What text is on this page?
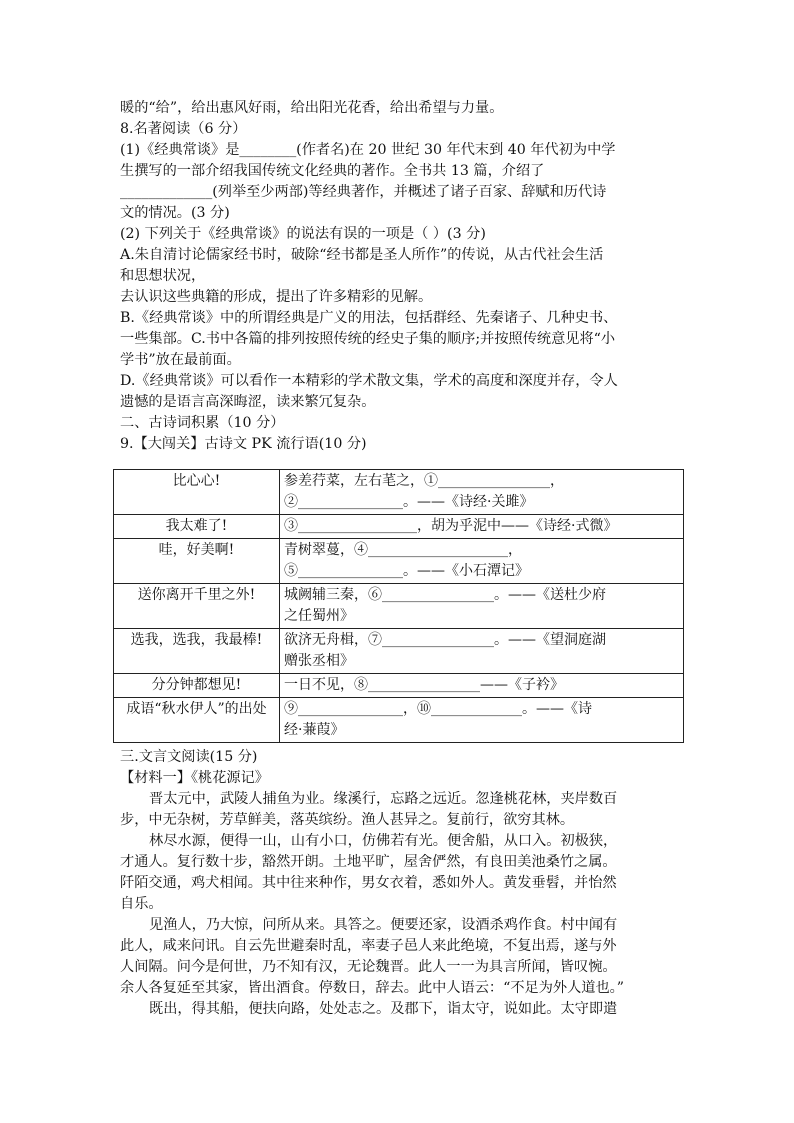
暖的“给”，给出惠风好雨，给出阳光花香，给出希望与力量。
8.名著阅读（6 分）
(1)《经典常谈》是________(作者名)在 20 世纪 30 年代末到 40 年代初为中学
生撰写的一部介绍我国传统文化经典的著作。全书共 13 篇，介绍了
_____________(列举至少两部)等经典著作，并概述了诸子百家、辞赋和历代诗
文的情况。(3 分)
(2) 下列关于《经典常谈》的说法有误的一项是（ ）(3 分)
A.朱自清讨论儒家经书时，破除“经书都是圣人所作”的传说，从古代社会生活
和思想状况，
去认识这些典籍的形成，提出了许多精彩的见解。
B.《经典常谈》中的所谓经典是广义的用法，包括群经、先秦诸子、几种史书、
一些集部。C.书中各篇的排列按照传统的经史子集的顺序;并按照传统意见将“小
学书”放在最前面。
D.《经典常谈》可以看作一本精彩的学术散文集，学术的高度和深度并存，令人
遗憾的是语言高深晦涩，读来繁冗复杂。
二、古诗词积累（10 分）
9.【大闯关】古诗文 PK 流行语(10 分)
比心心!	参差荇菜，左右芼之，①________________，
②_______________。——《诗经·关雎》

我太难了!	③_________________，胡为乎泥中——《诗经·式微》

哇，好美啊!	青树翠蔓，④____________________，
⑤_______________。——《小石潭记》

送你离开千里之外!	城阙辅三秦，⑥________________。——《送杜少府
之任蜀州》

选我，选我，我最棒!	欲济无舟楫，⑦________________。——《望洞庭湖
赠张丞相》

分分钟都想见!	一日不见，⑧________________——《子衿》

成语“秋水伊人”的出处	⑨_______________，⑩_____________。——《诗
经·蒹葭》
三.文言文阅读(15 分)
【材料一】《桃花源记》
晋太元中，武陵人捕鱼为业。缘溪行，忘路之远近。忽逢桃花林，夹岸数百
步，中无杂树，芳草鲜美，落英缤纷。渔人甚异之。复前行，欲穷其林。
林尽水源，便得一山，山有小口，仿佛若有光。便舍船，从口入。初极狭，
才通人。复行数十步，豁然开朗。土地平旷，屋舍俨然，有良田美池桑竹之属。
阡陌交通，鸡犬相闻。其中往来种作，男女衣着，悉如外人。黄发垂髫，并怡然
自乐。
见渔人，乃大惊，问所从来。具答之。便要还家，设酒杀鸡作食。村中闻有
此人，咸来问讯。自云先世避秦时乱，率妻子邑人来此绝境，不复出焉，遂与外
人间隔。问今是何世，乃不知有汉，无论魏晋。此人一一为具言所闻，皆叹惋。
余人各复延至其家，皆出酒食。停数日，辞去。此中人语云：“不足为外人道也。”
既出，得其船，便扶向路，处处志之。及郡下，诣太守，说如此。太守即遣
